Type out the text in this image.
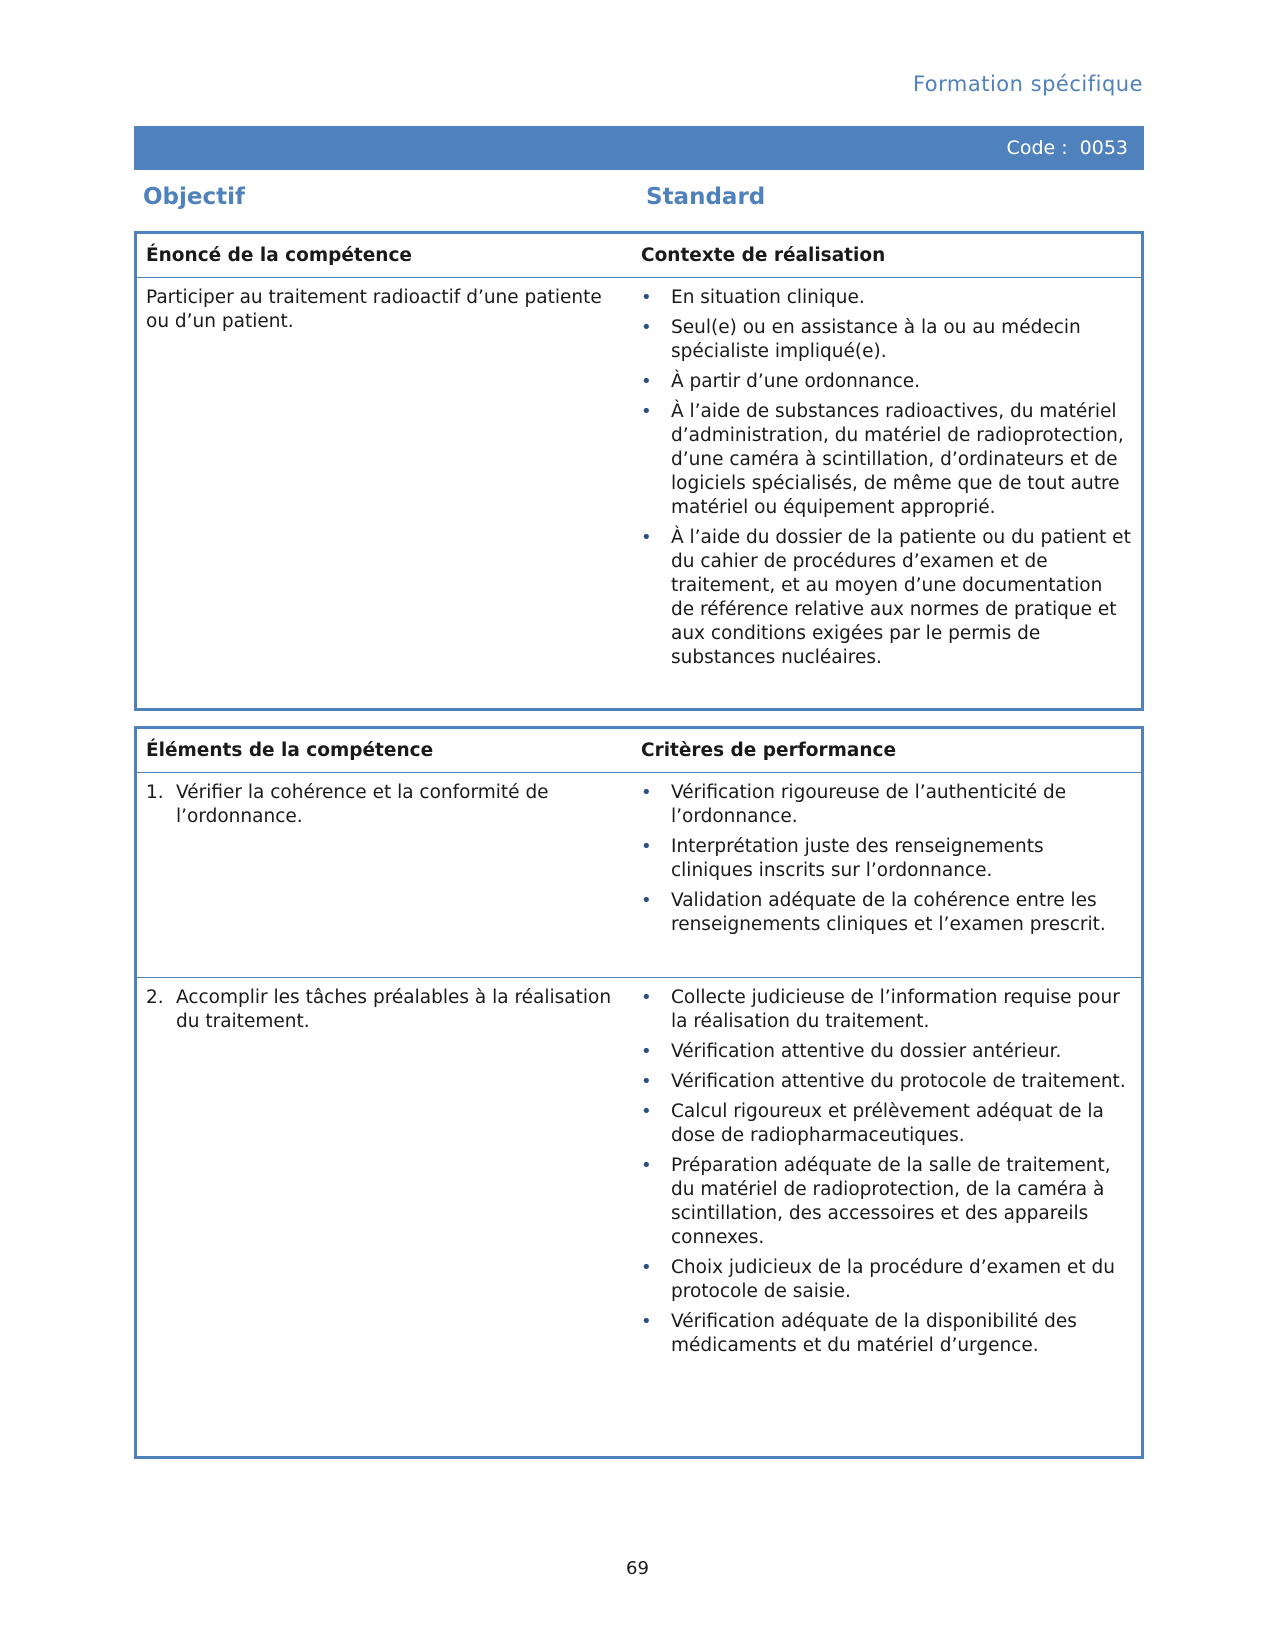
Formation spécifique
Code : 0053
Objectif	Standard
Énoncé de la compétence	Contexte de réalisation
Participer au traitement radioactif d’une patiente ou d’un patient.
• En situation clinique.
• Seul(e) ou en assistance à la ou au médecin spécialiste impliqué(e).
• À partir d’une ordonnance.
• À l’aide de substances radioactives, du matériel d’administration, du matériel de radioprotection, d’une caméra à scintillation, d’ordinateurs et de logiciels spécialisés, de même que de tout autre matériel ou équipement approprié.
• À l’aide du dossier de la patiente ou du patient et du cahier de procédures d’examen et de traitement, et au moyen d’une documentation de référence relative aux normes de pratique et aux conditions exigées par le permis de substances nucléaires.
Éléments de la compétence	Critères de performance
1. Vérifier la cohérence et la conformité de l’ordonnance.
• Vérification rigoureuse de l’authenticité de l’ordonnance.
• Interprétation juste des renseignements cliniques inscrits sur l’ordonnance.
• Validation adéquate de la cohérence entre les renseignements cliniques et l’examen prescrit.
2. Accomplir les tâches préalables à la réalisation du traitement.
• Collecte judicieuse de l’information requise pour la réalisation du traitement.
• Vérification attentive du dossier antérieur.
• Vérification attentive du protocole de traitement.
• Calcul rigoureux et prélèvement adéquat de la dose de radiopharmaceutiques.
• Préparation adéquate de la salle de traitement, du matériel de radioprotection, de la caméra à scintillation, des accessoires et des appareils connexes.
• Choix judicieux de la procédure d’examen et du protocole de saisie.
• Vérification adéquate de la disponibilité des médicaments et du matériel d’urgence.
69
